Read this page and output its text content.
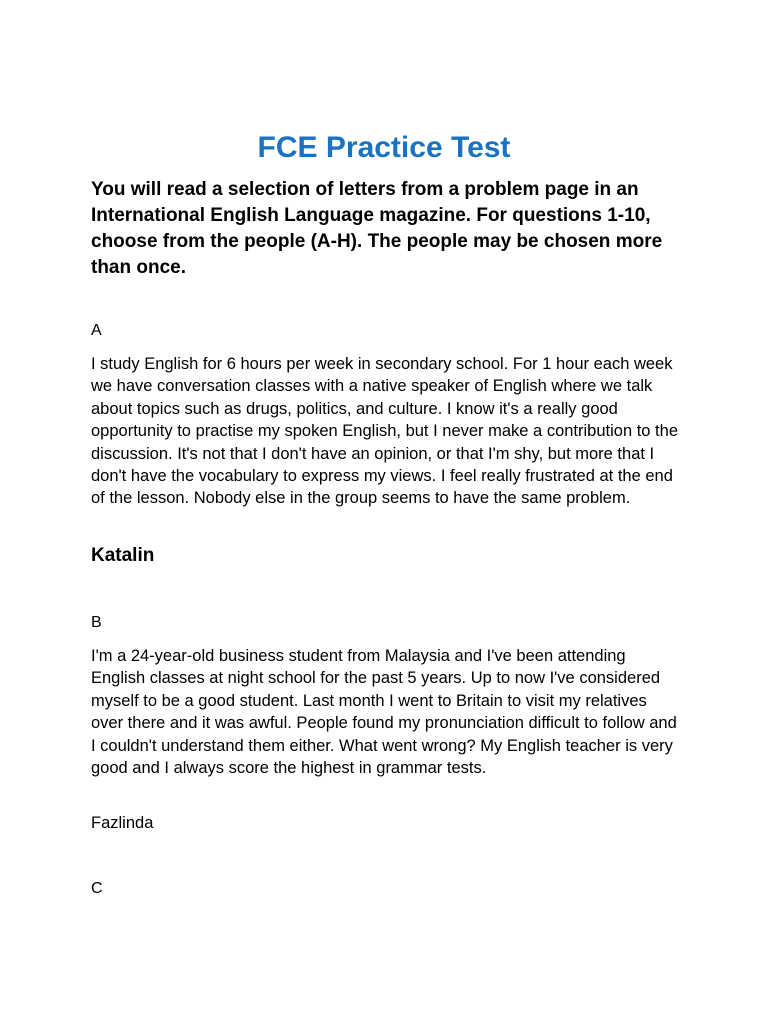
FCE Practice Test

You will read a selection of letters from a problem page in an International English Language magazine. For questions 1-10, choose from the people (A-H). The people may be chosen more than once.

A

I study English for 6 hours per week in secondary school. For 1 hour each week we have conversation classes with a native speaker of English where we talk about topics such as drugs, politics, and culture. I know it's a really good opportunity to practise my spoken English, but I never make a contribution to the discussion. It's not that I don't have an opinion, or that I'm shy, but more that I don't have the vocabulary to express my views. I feel really frustrated at the end of the lesson. Nobody else in the group seems to have the same problem.

Katalin

B

I'm a 24-year-old business student from Malaysia and I've been attending English classes at night school for the past 5 years. Up to now I've considered myself to be a good student. Last month I went to Britain to visit my relatives over there and it was awful. People found my pronunciation difficult to follow and I couldn't understand them either. What went wrong? My English teacher is very good and I always score the highest in grammar tests.

Fazlinda

C
